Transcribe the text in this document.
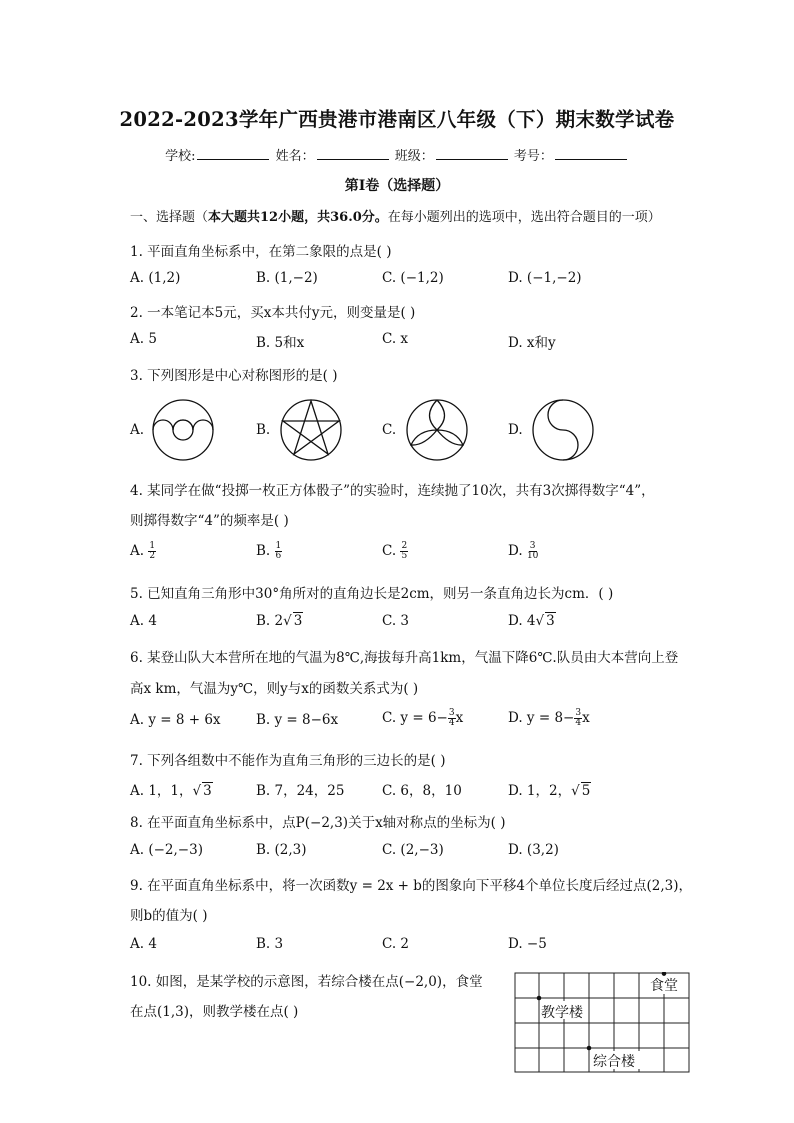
2022-2023学年广西贵港市港南区八年级（下）期末数学试卷
学校:	姓名：	班级：	考号：
第Ⅰ卷（选择题）
一、选择题（本大题共12小题，共36.0分。在每小题列出的选项中，选出符合题目的一项）
1. 平面直角坐标系中，在第二象限的点是( )
A. (1,2)	B. (1,−2)	C. (−1,2)	D. (−1,−2)
2. 一本笔记本5元，买x本共付y元，则变量是( )
A. 5	B. 5和x	C. x	D. x和y
3. 下列图形是中心对称图形的是( )
A.	B.	C.	D.
4. 某同学在做“投掷一枚正方体骰子”的实验时，连续抛了10次，共有3次掷得数字“4”，
则掷得数字“4”的频率是( )
A. $\frac{1}{2}$	B. $\frac{1}{6}$	C. $\frac{2}{5}$	D. $\frac{3}{10}$
5. 已知直角三角形中30°角所对的直角边长是2cm，则另一条直角边长为cm．( )
A. 4	B. 2√ 3	C. 3	D. 4√ 3
6. 某登山队大本营所在地的气温为8℃,海拔每升高1km，气温下降6℃.队员由大本营向上登
高x km，气温为y℃，则y与x的函数关系式为( )
A. y = 8 + 6x	B. y = 8−6x	C. $y = 6- \frac{3}{4}$ x	D. $y = 8- \frac{3}{4}$ x
7. 下列各组数中不能作为直角三角形的三边长的是( )
A. 1，1，√ 3	B. 7，24，25	C. 6，8，10	D. 1，2，√ 5
8. 在平面直角坐标系中，点P(−2,3)关于x轴对称点的坐标为( )
A. (−2,−3)	B. (2,3)	C. (2,−3)	D. (3,2)
9. 在平面直角坐标系中，将一次函数y = 2x + b的图象向下平移4个单位长度后经过点(2,3)，
则b的值为( )
A. 4	B. 3	C. 2	D. −5
10. 如图，是某学校的示意图，若综合楼在点(−2,0)，食堂
在点(1,3)，则教学楼在点( )
食堂
教学楼
综合楼
